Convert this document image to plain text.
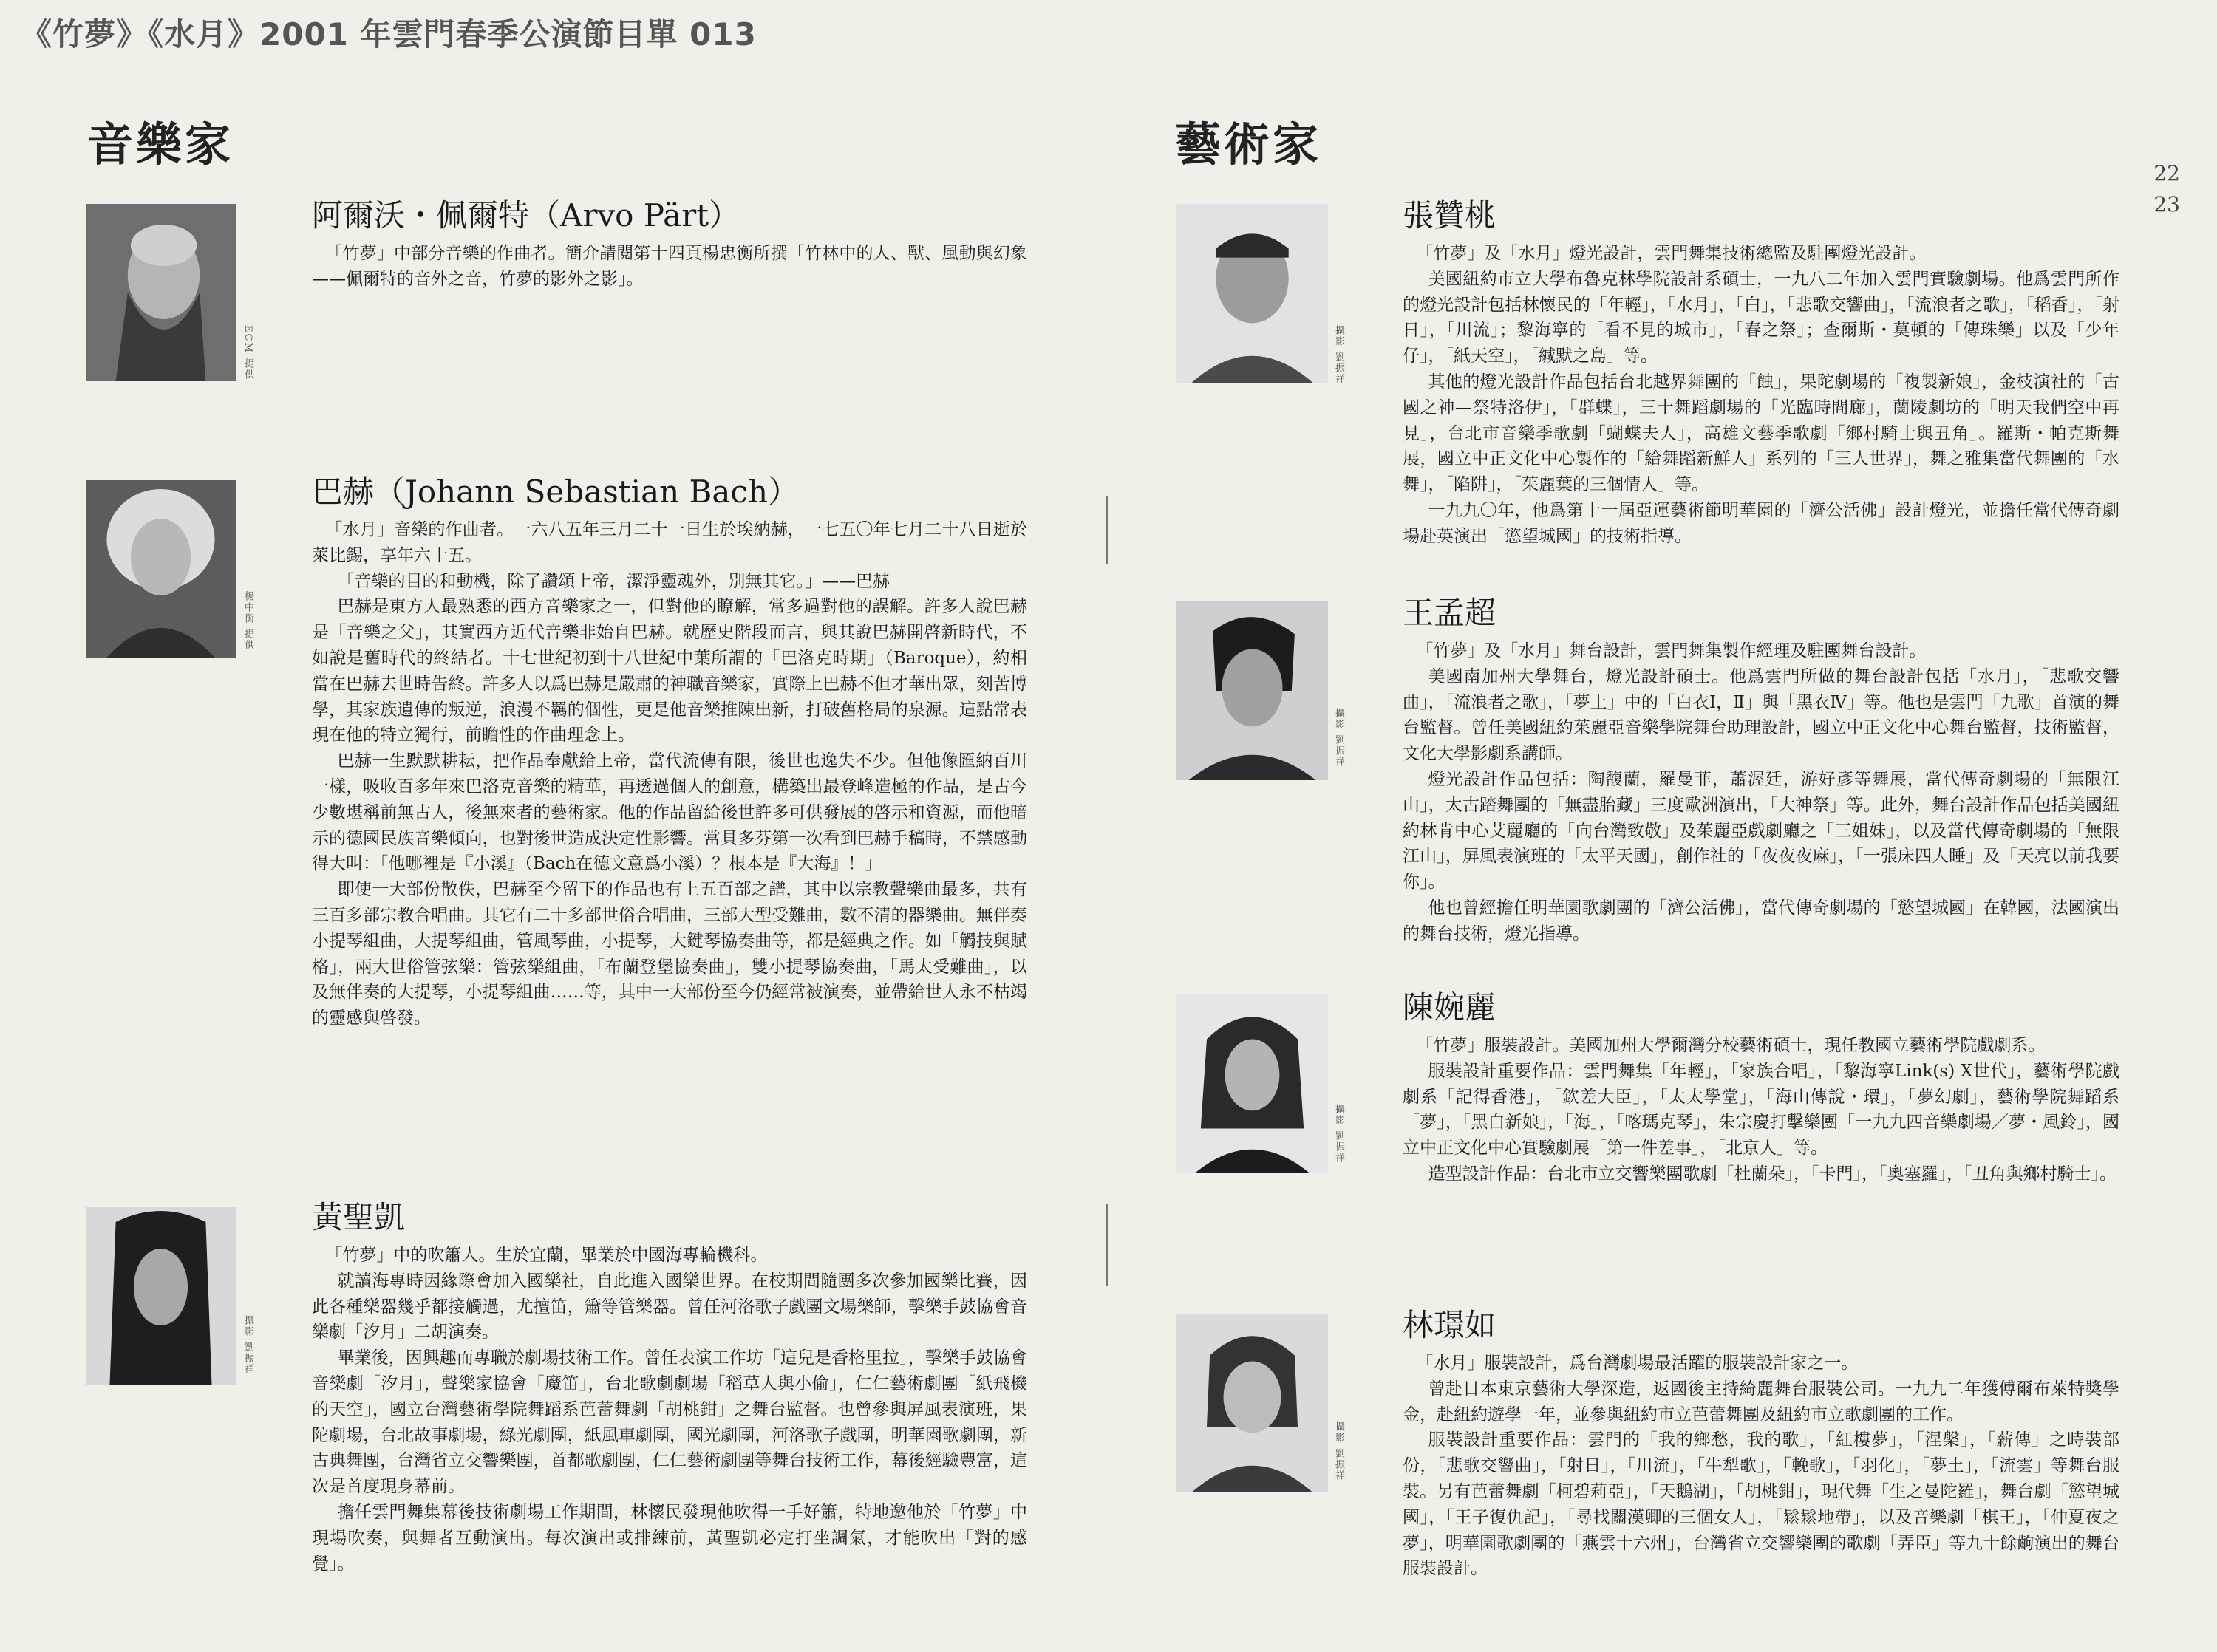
《竹夢》《水月》2001 年雲門春季公演節目單 013
音樂家	藝術家
22
23
ECM 提供
阿爾沃・佩爾特（Arvo Pärt）

「竹夢」中部分音樂的作曲者。簡介請閱第十四頁楊忠衡所撰「竹林中的人、獸、風動與幻象——佩爾特的音外之音，竹夢的影外之影」。

楊中衡 提供
巴赫（Johann Sebastian Bach）

「水月」音樂的作曲者。一六八五年三月二十一日生於埃納赫，一七五〇年七月二十八日逝於萊比錫，享年六十五。

「音樂的目的和動機，除了讚頌上帝，潔淨靈魂外，別無其它。」——巴赫

巴赫是東方人最熟悉的西方音樂家之一，但對他的瞭解，常多過對他的誤解。許多人說巴赫是「音樂之父」，其實西方近代音樂非始自巴赫。就歷史階段而言，與其說巴赫開啓新時代，不如說是舊時代的終結者。十七世紀初到十八世紀中葉所謂的「巴洛克時期」（Baroque），約相當在巴赫去世時告終。許多人以爲巴赫是嚴肅的神職音樂家，實際上巴赫不但才華出眾，刻苦博學，其家族遺傳的叛逆，浪漫不羈的個性，更是他音樂推陳出新，打破舊格局的泉源。這點常表現在他的特立獨行，前瞻性的作曲理念上。

巴赫一生默默耕耘，把作品奉獻給上帝，當代流傳有限，後世也逸失不少。但他像匯納百川一樣，吸收百多年來巴洛克音樂的精華，再透過個人的創意，構築出最登峰造極的作品，是古今少數堪稱前無古人，後無來者的藝術家。他的作品留給後世許多可供發展的啓示和資源，而他暗示的德國民族音樂傾向，也對後世造成決定性影響。當貝多芬第一次看到巴赫手稿時，不禁感動得大叫：「他哪裡是『小溪』（Bach在德文意爲小溪）？根本是『大海』！」

即使一大部份散佚，巴赫至今留下的作品也有上五百部之譜，其中以宗教聲樂曲最多，共有三百多部宗教合唱曲。其它有二十多部世俗合唱曲，三部大型受難曲，數不清的器樂曲。無伴奏小提琴組曲，大提琴組曲，管風琴曲，小提琴，大鍵琴協奏曲等，都是經典之作。如「觸技與賦格」，兩大世俗管弦樂：管弦樂組曲，「布蘭登堡協奏曲」，雙小提琴協奏曲，「馬太受難曲」，以及無伴奏的大提琴，小提琴組曲……等，其中一大部份至今仍經常被演奏，並帶給世人永不枯竭的靈感與啓發。

攝影 劉振祥
黃聖凱

「竹夢」中的吹簫人。生於宜蘭，畢業於中國海專輪機科。

就讀海專時因緣際會加入國樂社，自此進入國樂世界。在校期間隨團多次參加國樂比賽，因此各種樂器幾乎都接觸過，尤擅笛，簫等管樂器。曾任河洛歌子戲團文場樂師，擊樂手鼓協會音樂劇「汐月」二胡演奏。

畢業後，因興趣而專職於劇場技術工作。曾任表演工作坊「這兒是香格里拉」，擊樂手鼓協會音樂劇「汐月」，聲樂家協會「魔笛」，台北歌劇劇場「稻草人與小偷」，仁仁藝術劇團「紙飛機的天空」，國立台灣藝術學院舞蹈系芭蕾舞劇「胡桃鉗」之舞台監督。也曾參與屏風表演班，果陀劇場，台北故事劇場，綠光劇團，紙風車劇團，國光劇團，河洛歌子戲團，明華園歌劇團，新古典舞團，台灣省立交響樂團，首都歌劇團，仁仁藝術劇團等舞台技術工作，幕後經驗豐富，這次是首度現身幕前。

擔任雲門舞集幕後技術劇場工作期間，林懷民發現他吹得一手好簫，特地邀他於「竹夢」中現場吹奏，與舞者互動演出。每次演出或排練前，黃聖凱必定打坐調氣，才能吹出「對的感覺」。

攝影 劉振祥
張贊桃

「竹夢」及「水月」燈光設計，雲門舞集技術總監及駐團燈光設計。

美國紐約市立大學布魯克林學院設計系碩士，一九八二年加入雲門實驗劇場。他爲雲門所作的燈光設計包括林懷民的「年輕」，「水月」，「白」，「悲歌交響曲」，「流浪者之歌」，「稻香」，「射日」，「川流」；黎海寧的「看不見的城市」，「春之祭」；查爾斯・莫頓的「傳珠樂」以及「少年仔」，「紙天空」，「緘默之島」等。

其他的燈光設計作品包括台北越界舞團的「蝕」，果陀劇場的「複製新娘」，金枝演社的「古國之神—祭特洛伊」，「群蝶」，三十舞蹈劇場的「光臨時間廊」，蘭陵劇坊的「明天我們空中再見」，台北市音樂季歌劇「蝴蝶夫人」，高雄文藝季歌劇「鄉村騎士與丑角」。羅斯・帕克斯舞展，國立中正文化中心製作的「給舞蹈新鮮人」系列的「三人世界」，舞之雅集當代舞團的「水舞」，「陷阱」，「茱麗葉的三個情人」等。

一九九〇年，他爲第十一屆亞運藝術節明華園的「濟公活佛」設計燈光，並擔任當代傳奇劇場赴英演出「慾望城國」的技術指導。

攝影 劉振祥
王孟超

「竹夢」及「水月」舞台設計，雲門舞集製作經理及駐團舞台設計。

美國南加州大學舞台，燈光設計碩士。他爲雲門所做的舞台設計包括「水月」，「悲歌交響曲」，「流浪者之歌」，「夢土」中的「白衣Ⅰ，Ⅱ」與「黑衣Ⅳ」等。他也是雲門「九歌」首演的舞台監督。曾任美國紐約茱麗亞音樂學院舞台助理設計，國立中正文化中心舞台監督，技術監督，文化大學影劇系講師。

燈光設計作品包括：陶馥蘭，羅曼菲，蕭渥廷，游好彥等舞展，當代傳奇劇場的「無限江山」，太古踏舞團的「無盡胎藏」三度歐洲演出，「大神祭」等。此外，舞台設計作品包括美國紐約林肯中心艾麗廳的「向台灣致敬」及茱麗亞戲劇廳之「三姐妹」，以及當代傳奇劇場的「無限江山」，屏風表演班的「太平天國」，創作社的「夜夜夜麻」，「一張床四人睡」及「天亮以前我要你」。

他也曾經擔任明華園歌劇團的「濟公活佛」，當代傳奇劇場的「慾望城國」在韓國，法國演出的舞台技術，燈光指導。

攝影 劉振祥
陳婉麗

「竹夢」服裝設計。美國加州大學爾灣分校藝術碩士，現任教國立藝術學院戲劇系。

服裝設計重要作品：雲門舞集「年輕」，「家族合唱」，「黎海寧Link(s) X世代」，藝術學院戲劇系「記得香港」，「欽差大臣」，「太太學堂」，「海山傳說・環」，「夢幻劇」，藝術學院舞蹈系「夢」，「黑白新娘」，「海」，「喀瑪克琴」，朱宗慶打擊樂團「一九九四音樂劇場／夢・風鈴」，國立中正文化中心實驗劇展「第一件差事」，「北京人」等。

造型設計作品：台北市立交響樂團歌劇「杜蘭朵」，「卡門」，「奧塞羅」，「丑角與鄉村騎士」。

攝影 劉振祥
林璟如

「水月」服裝設計，爲台灣劇場最活躍的服裝設計家之一。

曾赴日本東京藝術大學深造，返國後主持綺麗舞台服裝公司。一九九二年獲傅爾布萊特獎學金，赴紐約遊學一年，並參與紐約市立芭蕾舞團及紐約市立歌劇團的工作。

服裝設計重要作品：雲門的「我的鄉愁，我的歌」，「紅樓夢」，「涅槃」，「薪傳」之時裝部份，「悲歌交響曲」，「射日」，「川流」，「牛犁歌」，「輓歌」，「羽化」，「夢土」，「流雲」等舞台服裝。另有芭蕾舞劇「柯碧莉亞」，「天鵝湖」，「胡桃鉗」，現代舞「生之曼陀羅」，舞台劇「慾望城國」，「王子復仇記」，「尋找關漢卿的三個女人」，「鬆鬆地帶」，以及音樂劇「棋王」，「仲夏夜之夢」，明華園歌劇團的「燕雲十六州」，台灣省立交響樂團的歌劇「弄臣」等九十餘齣演出的舞台服裝設計。
